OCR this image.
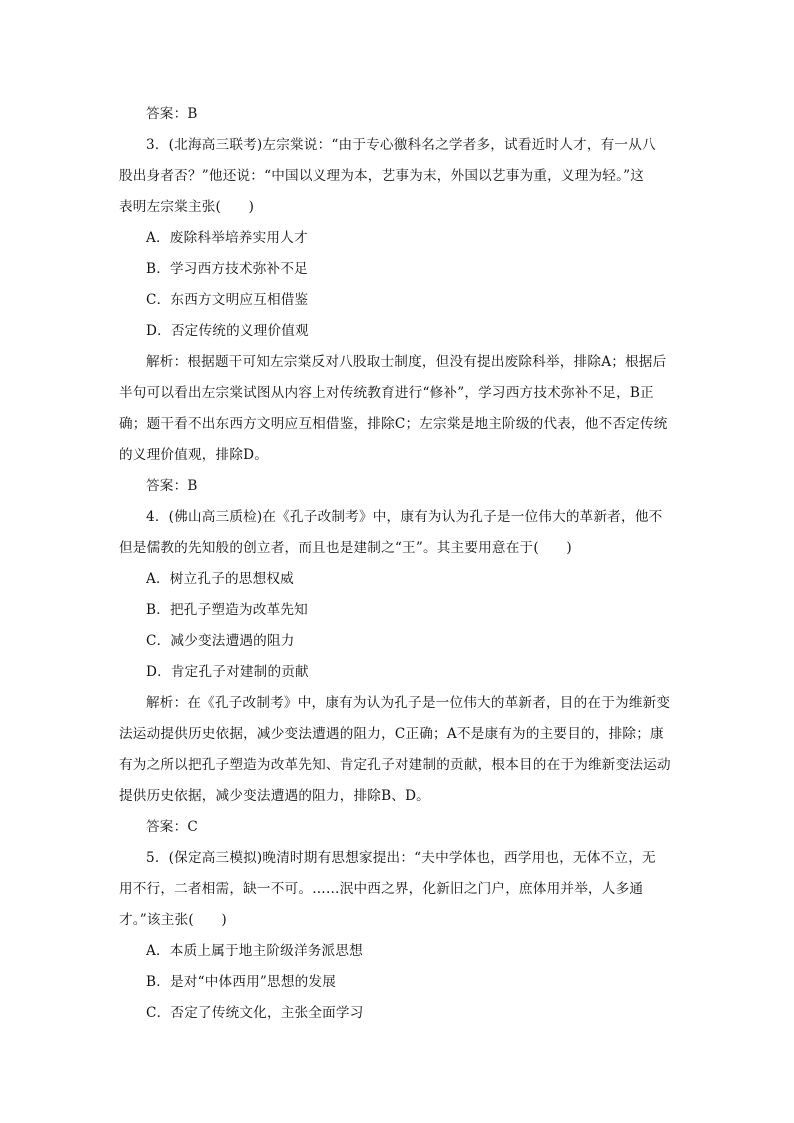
答案：B
3．(北海高三联考)左宗棠说：“由于专心徼科名之学者多，试看近时人才，有一从八
股出身者否？”他还说：“中国以义理为本，艺事为末，外国以艺事为重，义理为轻。”这
表明左宗棠主张(　　)
A．废除科举培养实用人才
B．学习西方技术弥补不足
C．东西方文明应互相借鉴
D．否定传统的义理价值观
解析：根据题干可知左宗棠反对八股取士制度，但没有提出废除科举，排除A；根据后
半句可以看出左宗棠试图从内容上对传统教育进行“修补”，学习西方技术弥补不足，B正
确；题干看不出东西方文明应互相借鉴，排除C；左宗棠是地主阶级的代表，他不否定传统
的义理价值观，排除D。
答案：B
4．(佛山高三质检)在《孔子改制考》中，康有为认为孔子是一位伟大的革新者，他不
但是儒教的先知般的创立者，而且也是建制之“王”。其主要用意在于(　　)
A．树立孔子的思想权威
B．把孔子塑造为改革先知
C．减少变法遭遇的阻力
D．肯定孔子对建制的贡献
解析：在《孔子改制考》中，康有为认为孔子是一位伟大的革新者，目的在于为维新变
法运动提供历史依据，减少变法遭遇的阻力，C正确；A不是康有为的主要目的，排除；康
有为之所以把孔子塑造为改革先知、肯定孔子对建制的贡献，根本目的在于为维新变法运动
提供历史依据，减少变法遭遇的阻力，排除B、D。
答案：C
5．(保定高三模拟)晚清时期有思想家提出：“夫中学体也，西学用也，无体不立，无
用不行，二者相需，缺一不可。……泯中西之界，化新旧之门户，庶体用并举，人多通
才。”该主张(　　)
A．本质上属于地主阶级洋务派思想
B．是对“中体西用”思想的发展
C．否定了传统文化，主张全面学习
